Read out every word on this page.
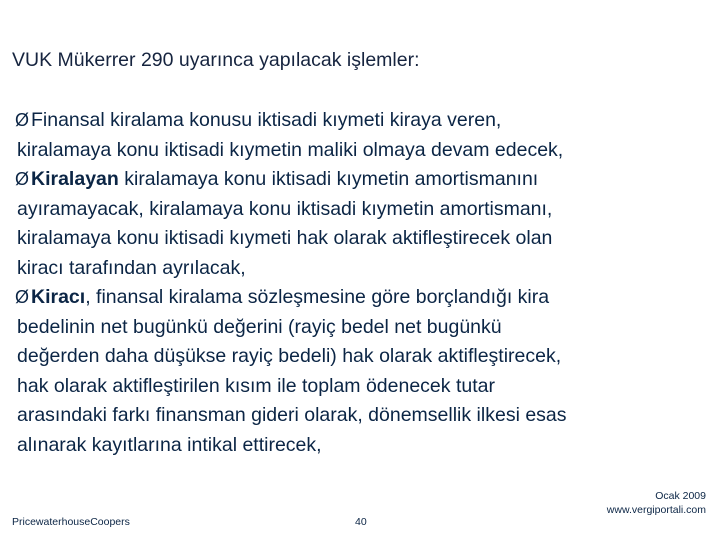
VUK Mükerrer 290 uyarınca yapılacak işlemler:
Ø Finansal kiralama konusu iktisadi kıymeti kiraya veren,
kiralamaya konu iktisadi kıymetin maliki olmaya devam edecek,
Ø Kiralayan kiralamaya konu iktisadi kıymetin amortismanını
ayıramayacak, kiralamaya konu iktisadi kıymetin amortismanı,
kiralamaya konu iktisadi kıymeti hak olarak aktifleştirecek olan
kiracı tarafından ayrılacak,
Ø Kiracı, finansal kiralama sözleşmesine göre borçlandığı kira
bedelinin net bugünkü değerini (rayiç bedel net bugünkü
değerden daha düşükse rayiç bedeli) hak olarak aktifleştirecek,
hak olarak aktifleştirilen kısım ile toplam ödenecek tutar
arasındaki farkı finansman gideri olarak, dönemsellik ilkesi esas
alınarak kayıtlarına intikal ettirecek,
PricewaterhouseCoopers	40
Ocak 2009
www.vergiportali.com
